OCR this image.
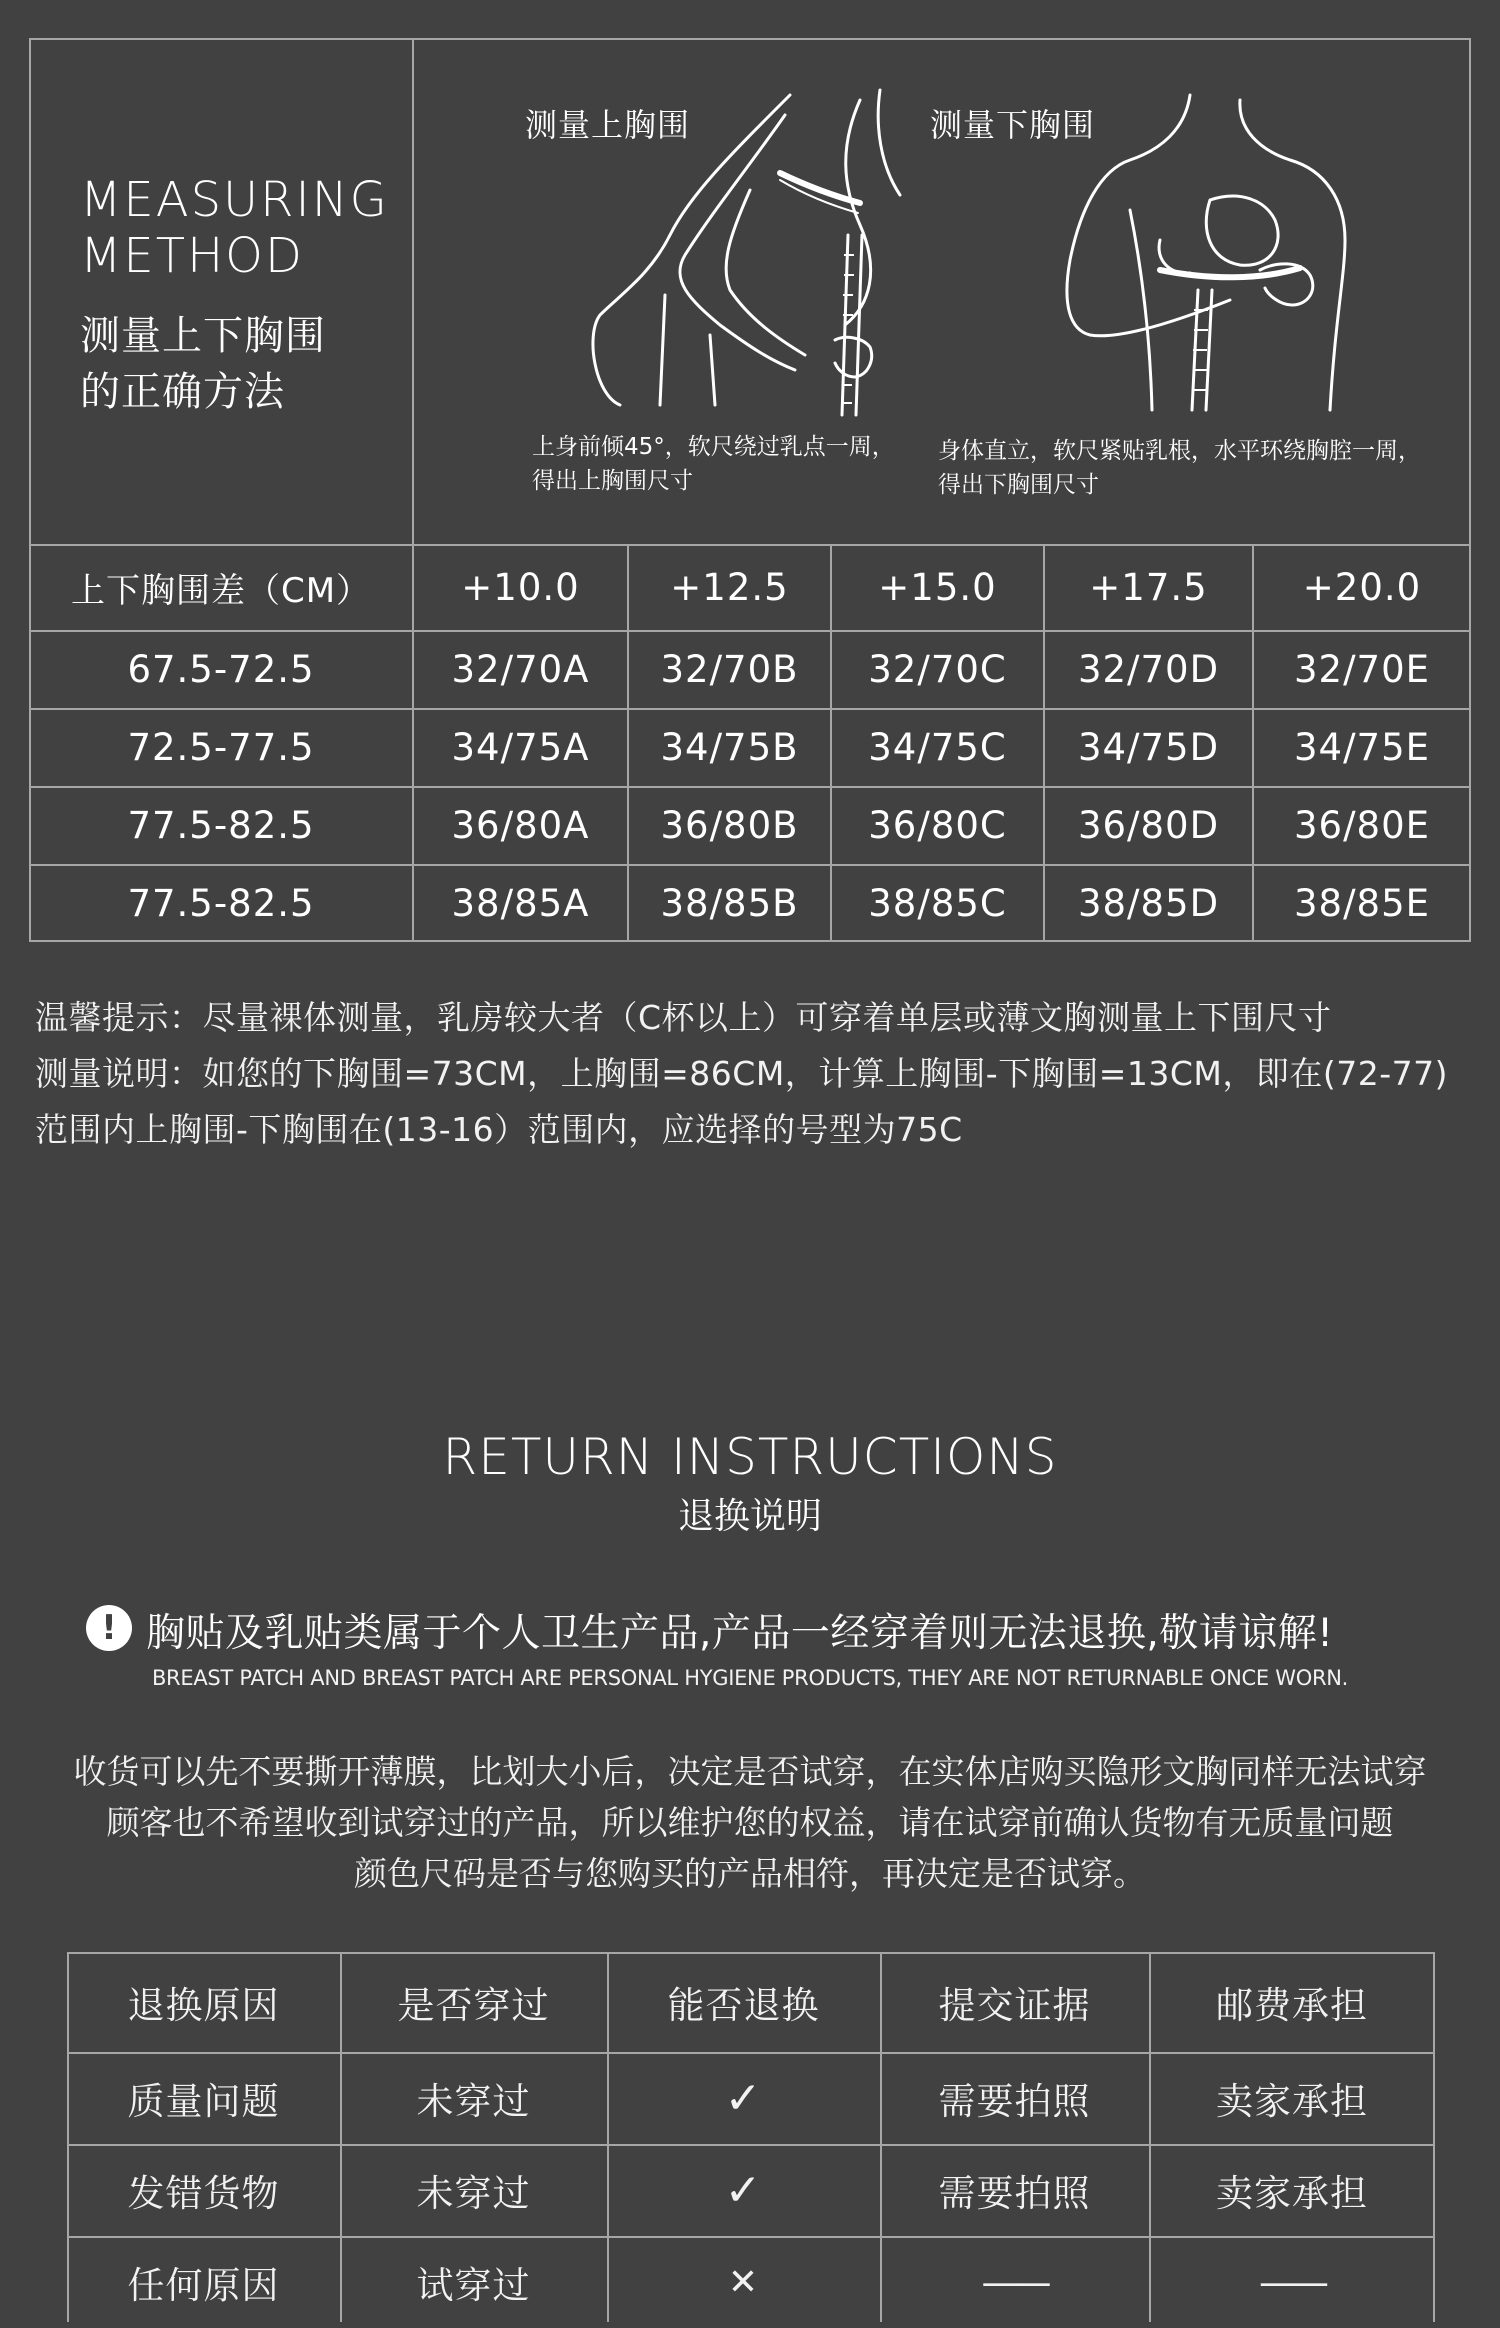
MEASURING
METHOD
测量上下胸围
的正确方法
测量上胸围	测量下胸围
上身前倾45°，软尺绕过乳点一周，
得出上胸围尺寸
身体直立，软尺紧贴乳根，水平环绕胸腔一周，
得出下胸围尺寸
上下胸围差（CM）	+10.0	+12.5	+15.0	+17.5	+20.0
67.5-72.5	32/70A	32/70B	32/70C	32/70D	32/70E
72.5-77.5	34/75A	34/75B	34/75C	34/75D	34/75E
77.5-82.5	36/80A	36/80B	36/80C	36/80D	36/80E
77.5-82.5	38/85A	38/85B	38/85C	38/85D	38/85E
温馨提示：尽量裸体测量，乳房较大者（C杯以上）可穿着单层或薄文胸测量上下围尺寸
测量说明：如您的下胸围=73CM，上胸围=86CM，计算上胸围-下胸围=13CM，即在(72-77)
范围内上胸围-下胸围在(13-16）范围内，应选择的号型为75C
RETURN INSTRUCTIONS
退换说明
! 胸贴及乳贴类属于个人卫生产品,产品一经穿着则无法退换,敬请谅解!
BREAST PATCH AND BREAST PATCH ARE PERSONAL HYGIENE PRODUCTS, THEY ARE NOT RETURNABLE ONCE WORN.
收货可以先不要撕开薄膜，比划大小后，决定是否试穿，在实体店购买隐形文胸同样无法试穿
顾客也不希望收到试穿过的产品，所以维护您的权益，请在试穿前确认货物有无质量问题
颜色尺码是否与您购买的产品相符，再决定是否试穿。
退换原因	是否穿过	能否退换	提交证据	邮费承担
质量问题	未穿过	✓	需要拍照	卖家承担
发错货物	未穿过	✓	需要拍照	卖家承担
任何原因	试穿过	✕	——	——
